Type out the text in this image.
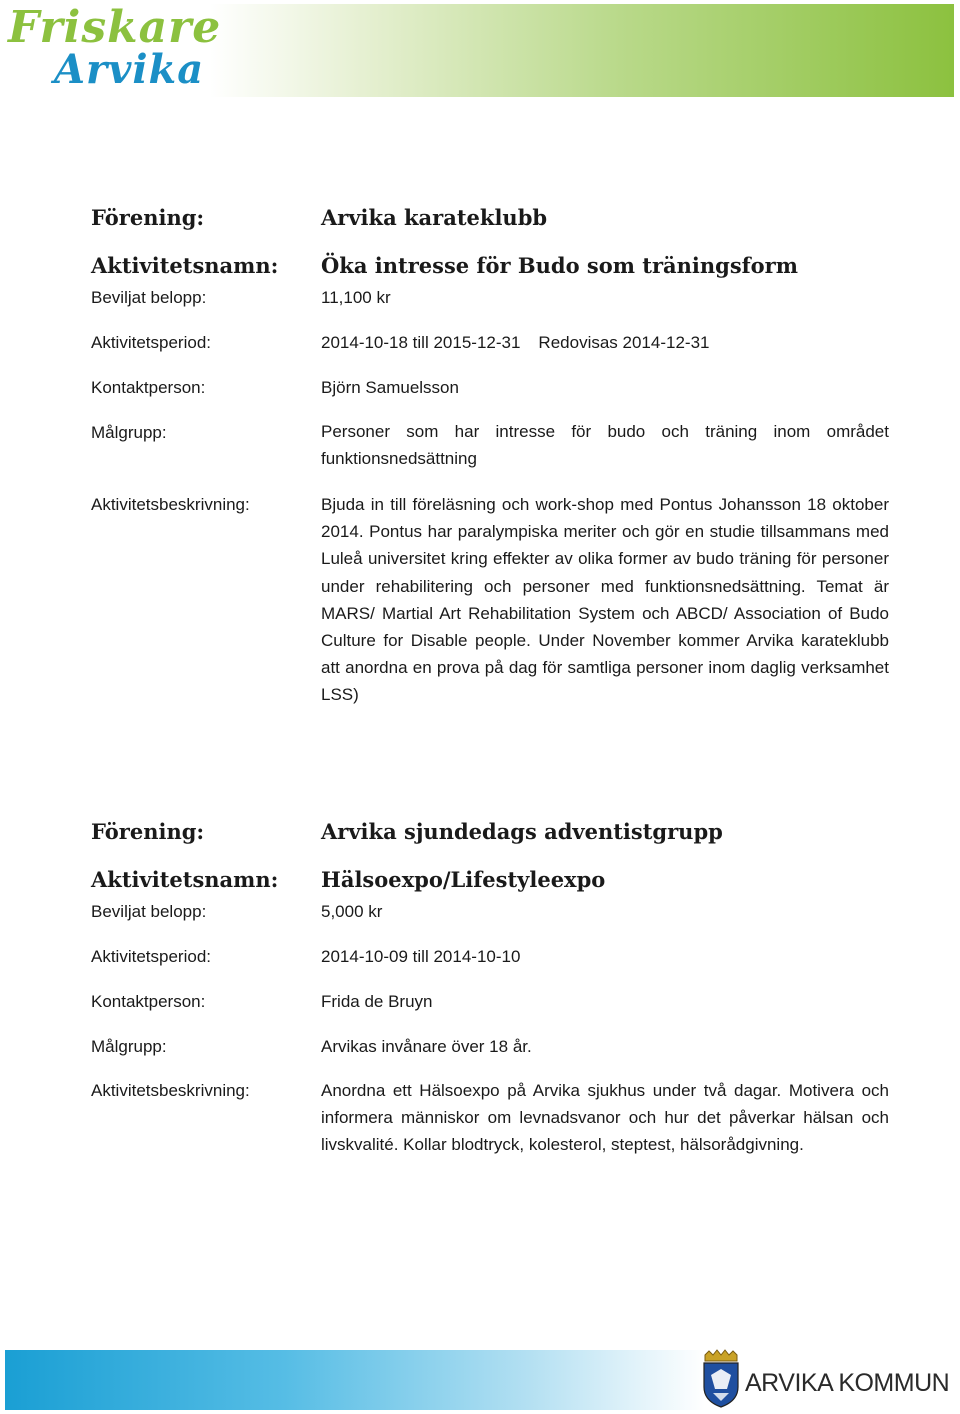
Friskare
Arvika
Förening:	Arvika karateklubb
Aktivitetsnamn: Öka intresse för Budo som träningsform
Beviljat belopp:	11,100 kr
Aktivitetsperiod:	2014-10-18 till 2015-12-31 Redovisas 2014-12-31
Kontaktperson:	Björn Samuelsson
Målgrupp:	Personer som har intresse för budo och träning inom området funktionsnedsättning
Aktivitetsbeskrivning:	Bjuda in till föreläsning och work-shop med Pontus Johansson 18 oktober 2014. Pontus har paralympiska meriter och gör en studie tillsammans med Luleå universitet kring effekter av olika former av budo träning för personer under rehabilitering och personer med funktionsnedsättning. Temat är MARS/ Martial Art Rehabilitation System och ABCD/ Association of Budo Culture for Disable people. Under November kommer Arvika karateklubb att anordna en prova på dag för samtliga personer inom daglig verksamhet LSS)
Förening:	Arvika sjundedags adventistgrupp
Aktivitetsnamn: Hälsoexpo/Lifestyleexpo
Beviljat belopp:	5,000 kr
Aktivitetsperiod:	2014-10-09 till 2014-10-10
Kontaktperson:	Frida de Bruyn
Målgrupp:	Arvikas invånare över 18 år.
Aktivitetsbeskrivning:	Anordna ett Hälsoexpo på Arvika sjukhus under två dagar. Motivera och informera människor om levnadsvanor och hur det påverkar hälsan och livskvalité. Kollar blodtryck, kolesterol, steptest, hälsorådgivning.
ARVIKA KOMMUN
